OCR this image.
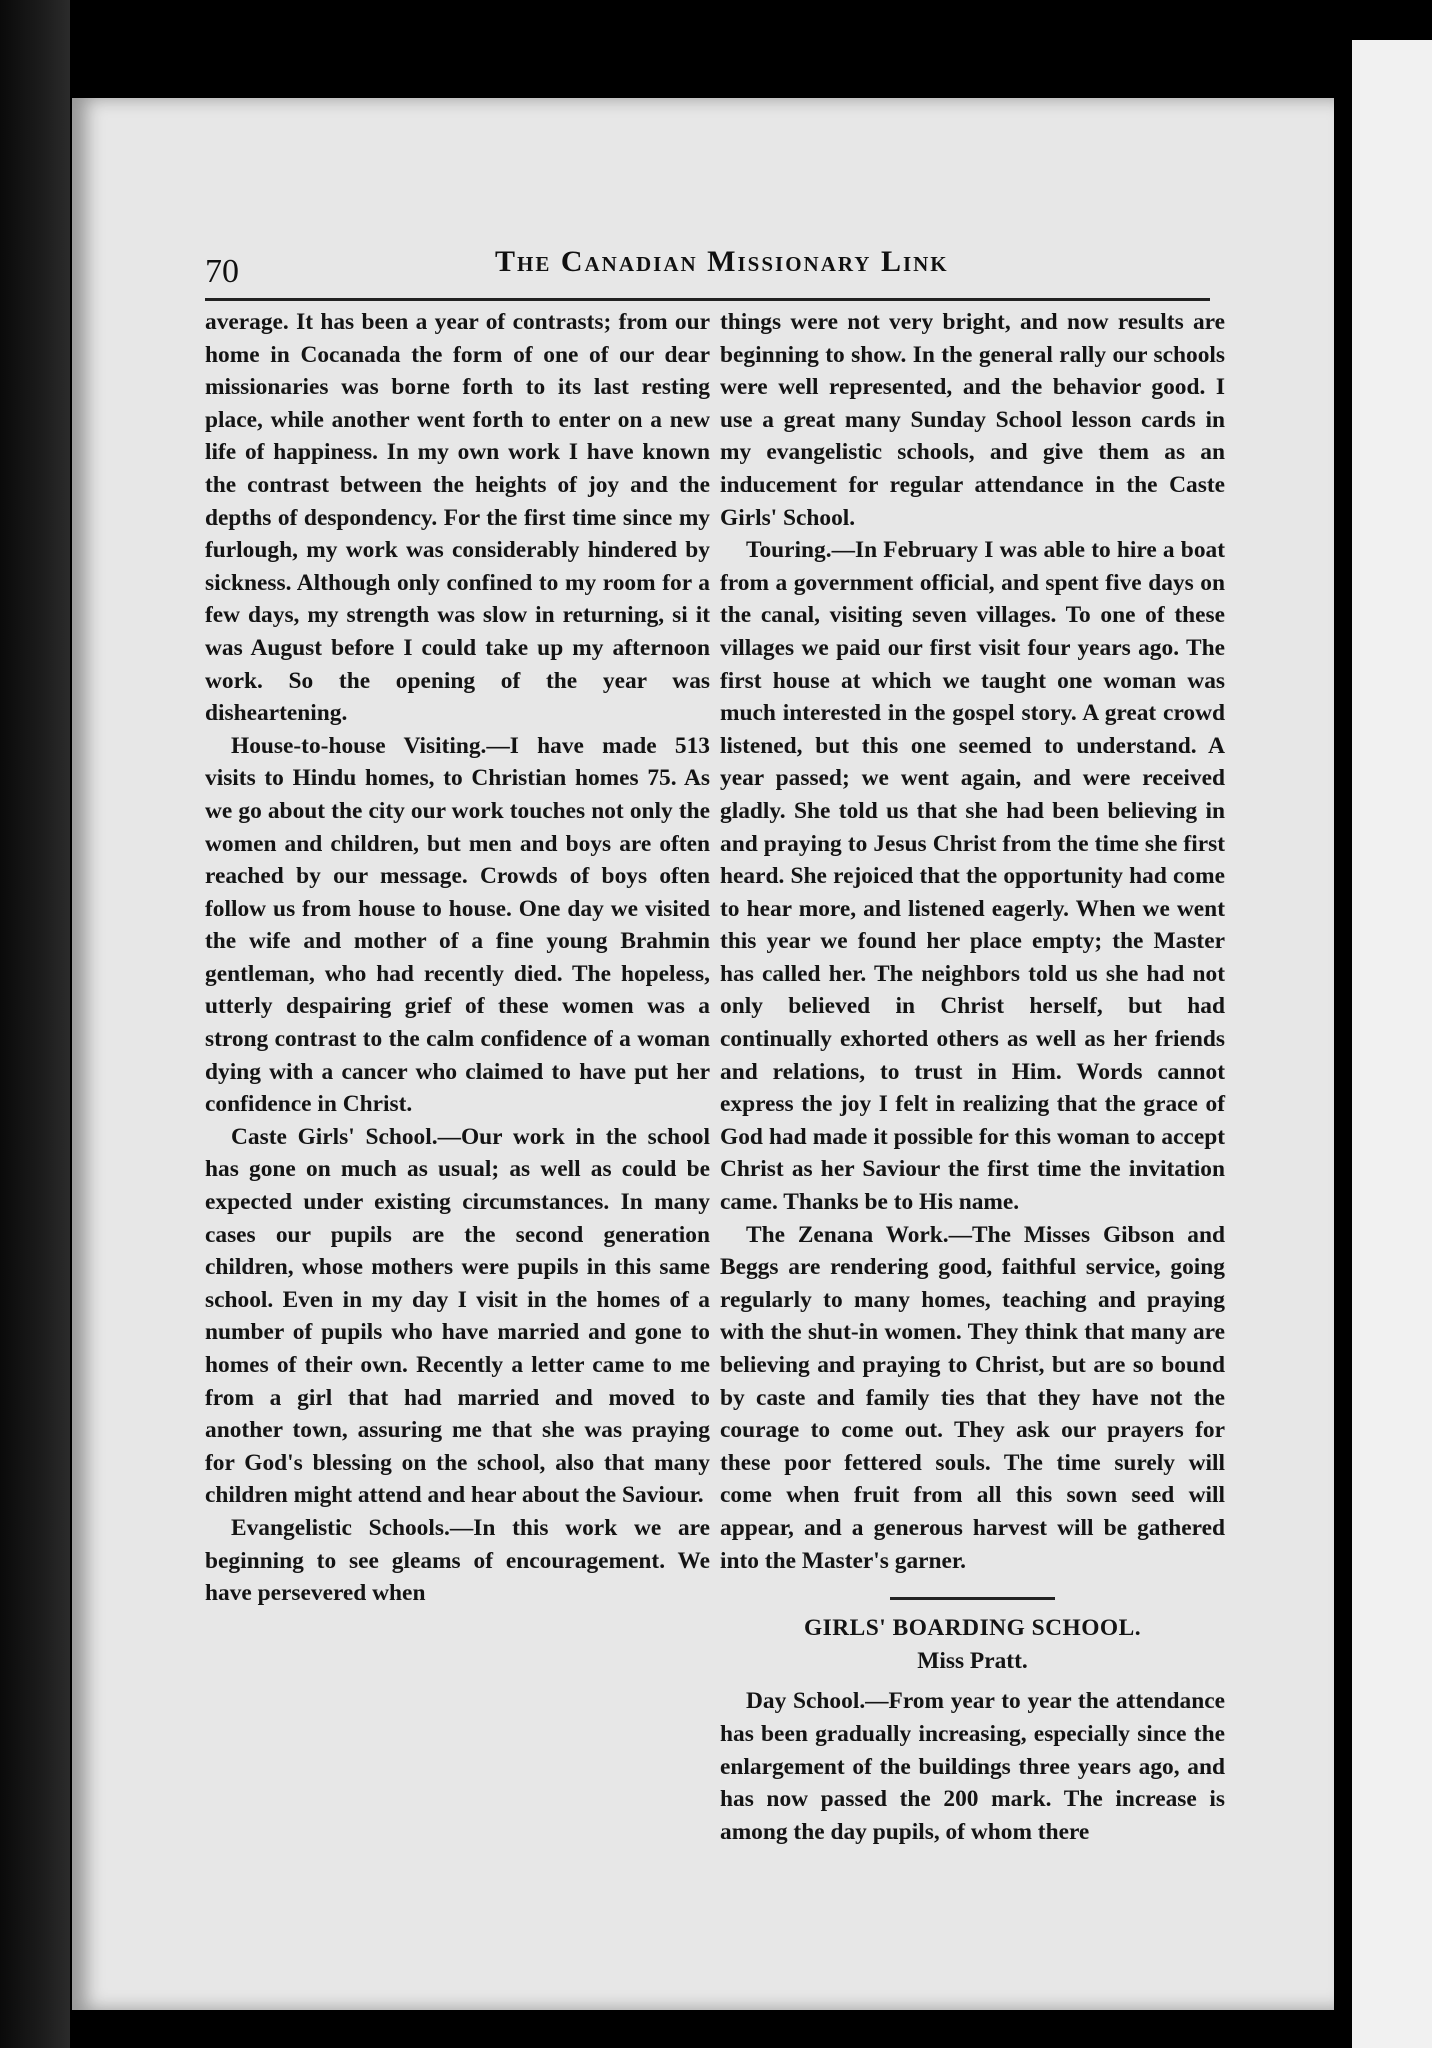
70	The Canadian Missionary Link

average. It has been a year of contrasts; from our home in Cocanada the form of one of our dear missionaries was borne forth to its last resting place, while another went forth to enter on a new life of happiness. In my own work I have known the contrast between the heights of joy and the depths of despondency. For the first time since my furlough, my work was considerably hindered by sickness. Although only confined to my room for a few days, my strength was slow in returning, si it was August before I could take up my afternoon work. So the opening of the year was disheartening.

House-to-house Visiting.—I have made 513 visits to Hindu homes, to Christian homes 75. As we go about the city our work touches not only the women and children, but men and boys are often reached by our message. Crowds of boys often follow us from house to house. One day we visited the wife and mother of a fine young Brahmin gentleman, who had recently died. The hopeless, utterly despairing grief of these women was a strong contrast to the calm confidence of a woman dying with a cancer who claimed to have put her confidence in Christ.

Caste Girls' School.—Our work in the school has gone on much as usual; as well as could be expected under existing circumstances. In many cases our pupils are the second generation children, whose mothers were pupils in this same school. Even in my day I visit in the homes of a number of pupils who have married and gone to homes of their own. Recently a letter came to me from a girl that had married and moved to another town, assuring me that she was praying for God's blessing on the school, also that many children might attend and hear about the Saviour.

Evangelistic Schools.—In this work we are beginning to see gleams of encouragement. We have persevered when

things were not very bright, and now results are beginning to show. In the general rally our schools were well represented, and the behavior good. I use a great many Sunday School lesson cards in my evangelistic schools, and give them as an inducement for regular attendance in the Caste Girls' School.

Touring.—In February I was able to hire a boat from a government official, and spent five days on the canal, visiting seven villages. To one of these villages we paid our first visit four years ago. The first house at which we taught one woman was much interested in the gospel story. A great crowd listened, but this one seemed to understand. A year passed; we went again, and were received gladly. She told us that she had been believing in and praying to Jesus Christ from the time she first heard. She rejoiced that the opportunity had come to hear more, and listened eagerly. When we went this year we found her place empty; the Master has called her. The neighbors told us she had not only believed in Christ herself, but had continually exhorted others as well as her friends and relations, to trust in Him. Words cannot express the joy I felt in realizing that the grace of God had made it possible for this woman to accept Christ as her Saviour the first time the invitation came. Thanks be to His name.

The Zenana Work.—The Misses Gibson and Beggs are rendering good, faithful service, going regularly to many homes, teaching and praying with the shut-in women. They think that many are believing and praying to Christ, but are so bound by caste and family ties that they have not the courage to come out. They ask our prayers for these poor fettered souls. The time surely will come when fruit from all this sown seed will appear, and a generous harvest will be gathered into the Master's garner.

GIRLS' BOARDING SCHOOL.
Miss Pratt.

Day School.—From year to year the attendance has been gradually increasing, especially since the enlargement of the buildings three years ago, and has now passed the 200 mark. The increase is among the day pupils, of whom there
